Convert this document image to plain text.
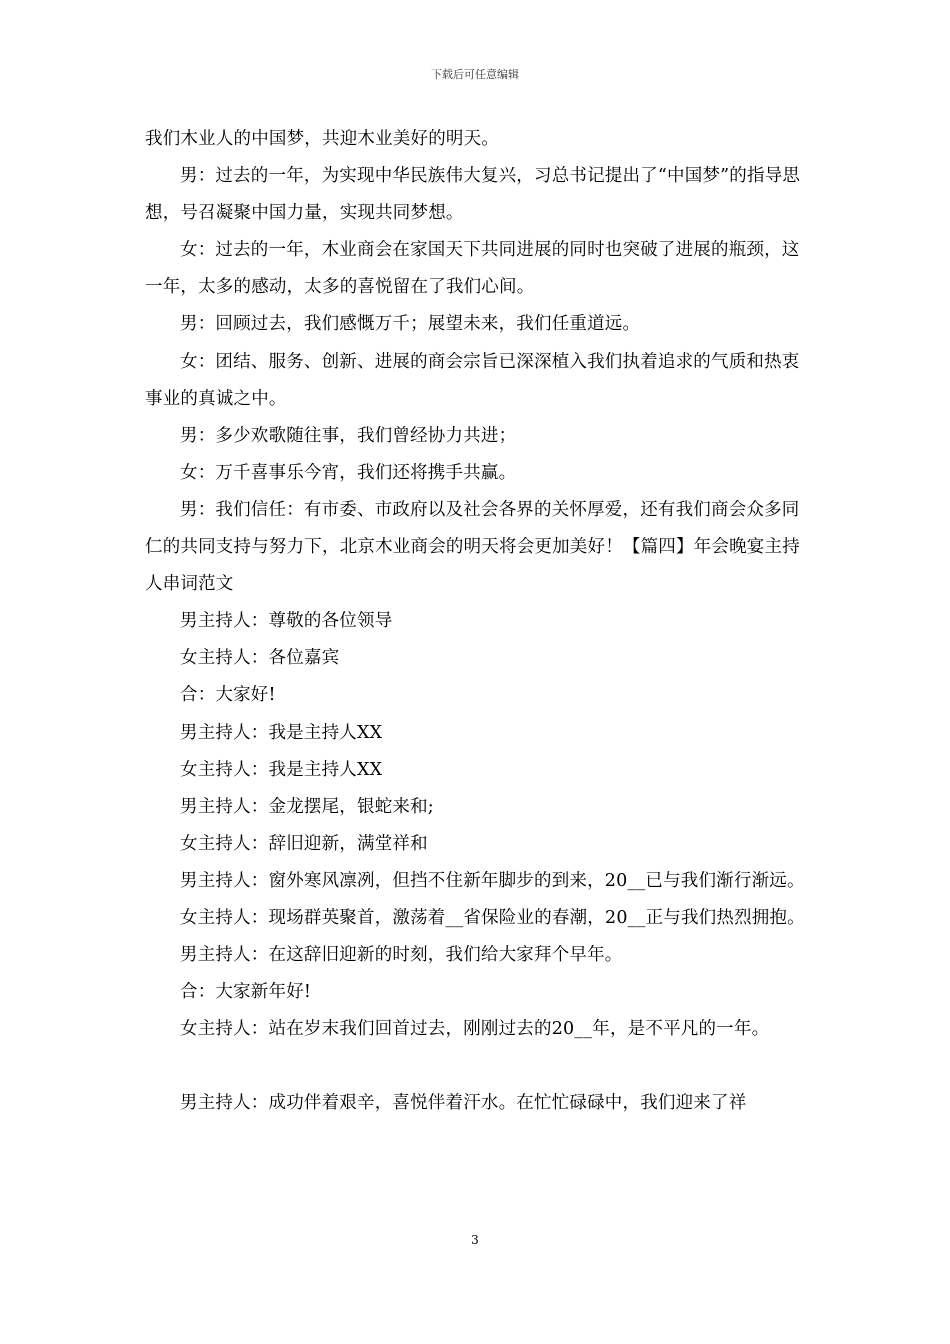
下载后可任意编辑

我们木业人的中国梦，共迎木业美好的明天。

男：过去的一年，为实现中华民族伟大复兴，习总书记提出了“中国梦”的指导思想，号召凝聚中国力量，实现共同梦想。

女：过去的一年，木业商会在家国天下共同进展的同时也突破了进展的瓶颈，这一年，太多的感动，太多的喜悦留在了我们心间。

男：回顾过去，我们感慨万千；展望未来，我们任重道远。

女：团结、服务、创新、进展的商会宗旨已深深植入我们执着追求的气质和热衷事业的真诚之中。

男：多少欢歌随往事，我们曾经协力共进；

女：万千喜事乐今宵，我们还将携手共赢。

男：我们信任：有市委、市政府以及社会各界的关怀厚爱，还有我们商会众多同仁的共同支持与努力下，北京木业商会的明天将会更加美好！【篇四】年会晚宴主持人串词范文

男主持人：尊敬的各位领导

女主持人：各位嘉宾

合：大家好!

男主持人：我是主持人XX

女主持人：我是主持人XX

男主持人：金龙摆尾，银蛇来和;

女主持人：辞旧迎新，满堂祥和

男主持人：窗外寒风凛冽，但挡不住新年脚步的到来，20__已与我们渐行渐远。

女主持人：现场群英聚首，激荡着__省保险业的春潮，20__正与我们热烈拥抱。

男主持人：在这辞旧迎新的时刻，我们给大家拜个早年。

合：大家新年好!

女主持人：站在岁末我们回首过去，刚刚过去的20__年，是不平凡的一年。

男主持人：成功伴着艰辛，喜悦伴着汗水。在忙忙碌碌中，我们迎来了祥

3
